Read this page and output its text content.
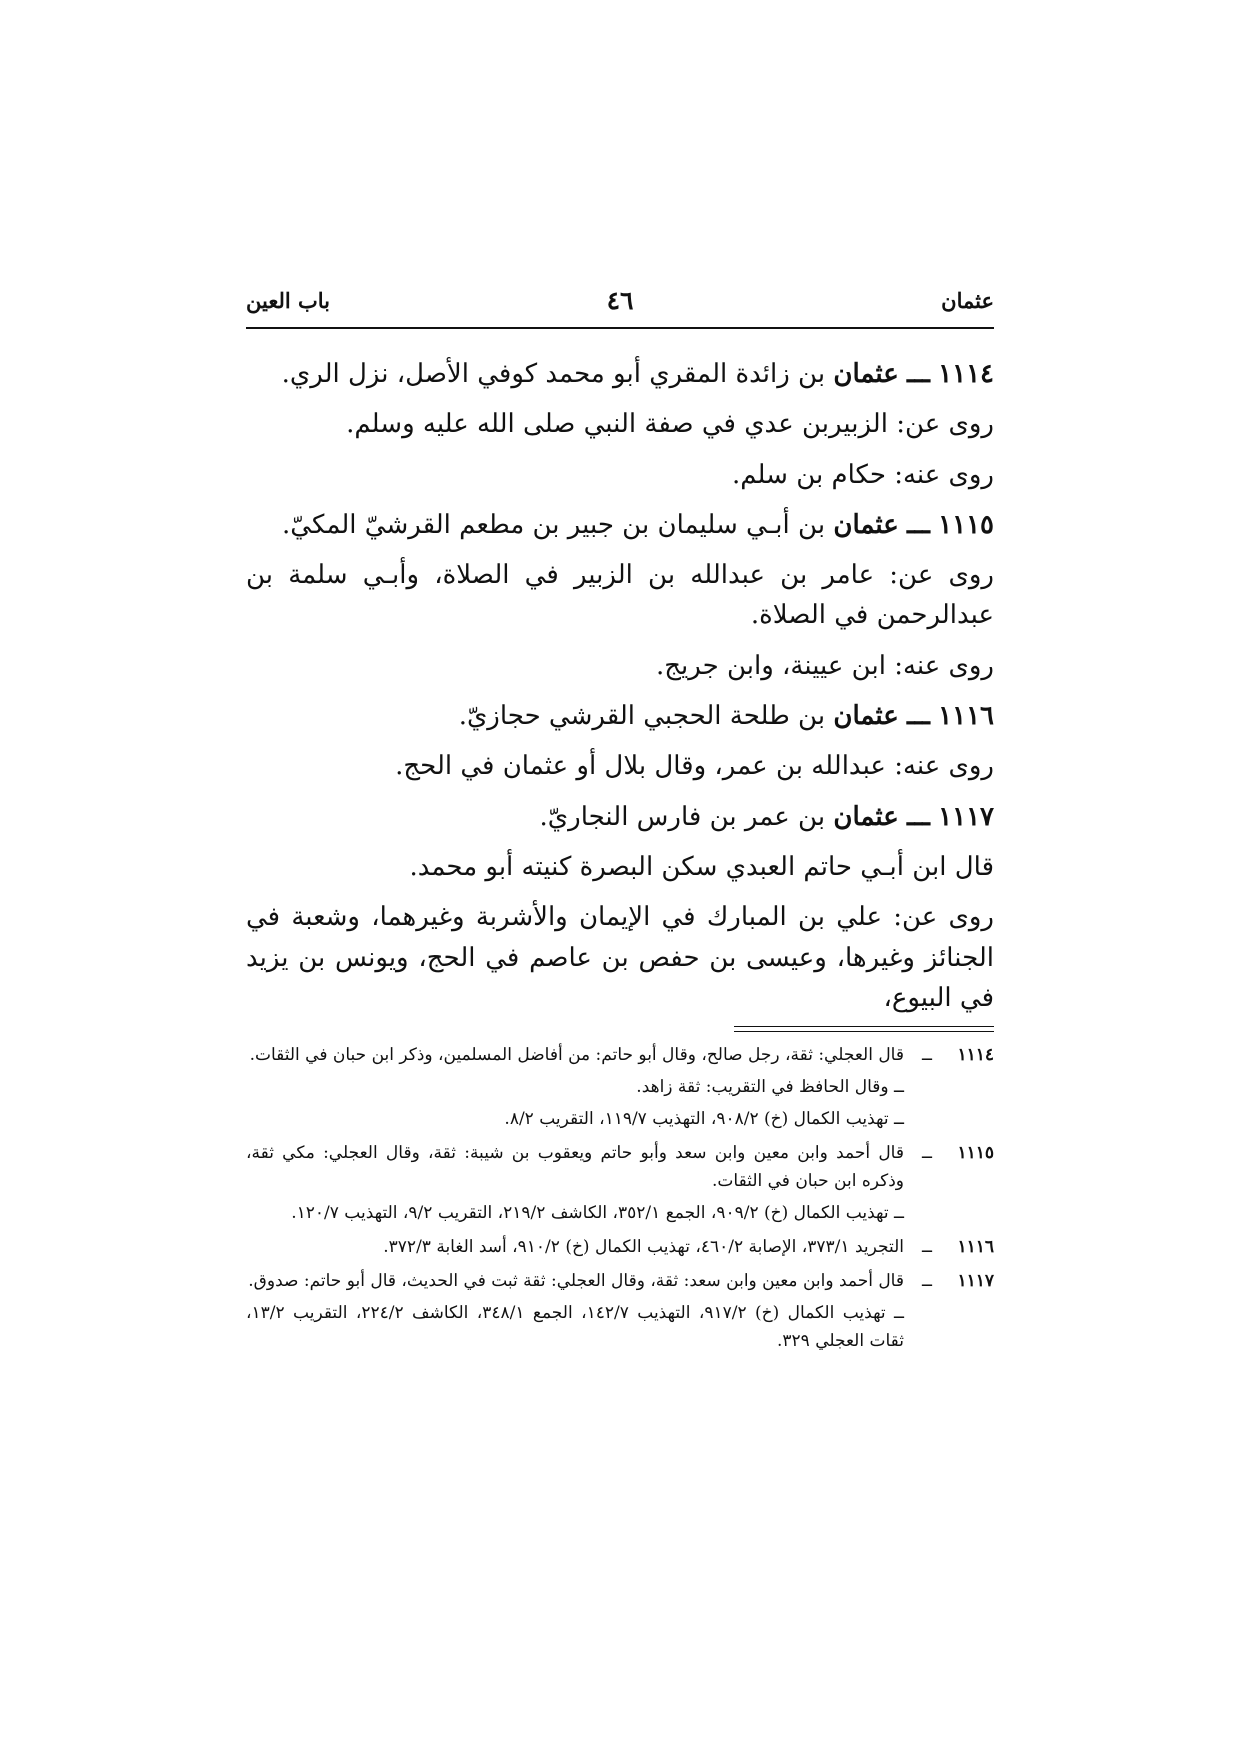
عثمان
٤٦
باب العين

١١١٤ ـــ عثمان بن زائدة المقري أبو محمد كوفي الأصل، نزل الري.

روى عن: الزبيربن عدي في صفة النبي صلى الله عليه وسلم.

روى عنه: حكام بن سلم.

١١١٥ ـــ عثمان بن أبـي سليمان بن جبير بن مطعم القرشيّ المكيّ.

روى عن: عامر بن عبدالله بن الزبير في الصلاة، وأبـي سلمة بن عبدالرحمن في الصلاة.

روى عنه: ابن عيينة، وابن جريج.

١١١٦ ـــ عثمان بن طلحة الحجبي القرشي حجازيّ.

روى عنه: عبدالله بن عمر، وقال بلال أو عثمان في الحج.

١١١٧ ـــ عثمان بن عمر بن فارس النجاريّ.

قال ابن أبـي حاتم العبدي سكن البصرة كنيته أبو محمد.

روى عن: علي بن المبارك في الإيمان والأشربة وغيرهما، وشعبة في الجنائز وغيرها، وعيسى بن حفص بن عاصم في الحج، ويونس بن يزيد في البيوع،

١١١٤
ــ

قال العجلي: ثقة، رجل صالح، وقال أبو حاتم: من أفاضل المسلمين، وذكر ابن حبان في الثقات.

ــ وقال الحافظ في التقريب: ثقة زاهد.

ــ تهذيب الكمال (خ) ٩٠٨/٢، التهذيب ١١٩/٧، التقريب ٨/٢.

١١١٥
ــ

قال أحمد وابن معين وابن سعد وأبو حاتم ويعقوب بن شيبة: ثقة، وقال العجلي: مكي ثقة، وذكره ابن حبان في الثقات.

ــ تهذيب الكمال (خ) ٩٠٩/٢، الجمع ٣٥٢/١، الكاشف ٢١٩/٢، التقريب ٩/٢، التهذيب ١٢٠/٧.

١١١٦
ــ

التجريد ٣٧٣/١، الإصابة ٤٦٠/٢، تهذيب الكمال (خ) ٩١٠/٢، أسد الغابة ٣٧٢/٣.

١١١٧
ــ

قال أحمد وابن معين وابن سعد: ثقة، وقال العجلي: ثقة ثبت في الحديث، قال أبو حاتم: صدوق.

ــ تهذيب الكمال (خ) ٩١٧/٢، التهذيب ١٤٢/٧، الجمع ٣٤٨/١، الكاشف ٢٢٤/٢، التقريب ١٣/٢، ثقات العجلي ٣٢٩.
